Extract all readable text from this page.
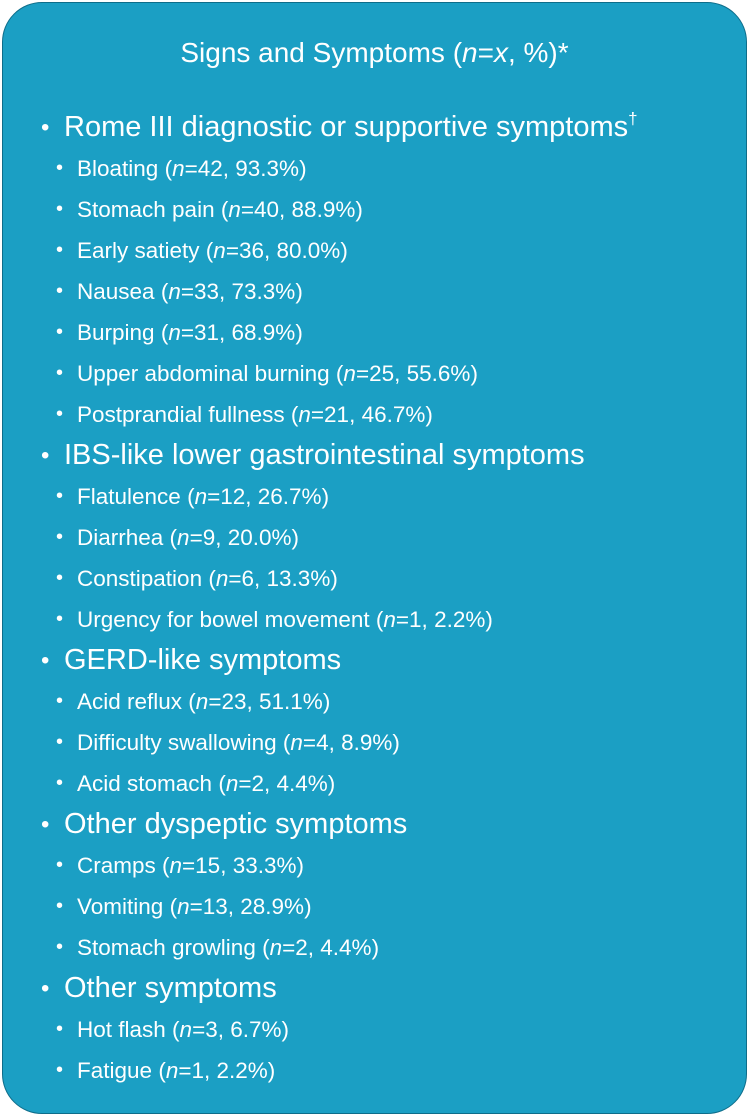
Signs and Symptoms (n=x, %)*
• Rome III diagnostic or supportive symptoms†
• Bloating (n=42, 93.3%)
• Stomach pain (n=40, 88.9%)
• Early satiety (n=36, 80.0%)
• Nausea (n=33, 73.3%)
• Burping (n=31, 68.9%)
• Upper abdominal burning (n=25, 55.6%)
• Postprandial fullness (n=21, 46.7%)
• IBS-like lower gastrointestinal symptoms
• Flatulence (n=12, 26.7%)
• Diarrhea (n=9, 20.0%)
• Constipation (n=6, 13.3%)
• Urgency for bowel movement (n=1, 2.2%)
• GERD-like symptoms
• Acid reflux (n=23, 51.1%)
• Difficulty swallowing (n=4, 8.9%)
• Acid stomach (n=2, 4.4%)
• Other dyspeptic symptoms
• Cramps (n=15, 33.3%)
• Vomiting (n=13, 28.9%)
• Stomach growling (n=2, 4.4%)
• Other symptoms
• Hot flash (n=3, 6.7%)
• Fatigue (n=1, 2.2%)
